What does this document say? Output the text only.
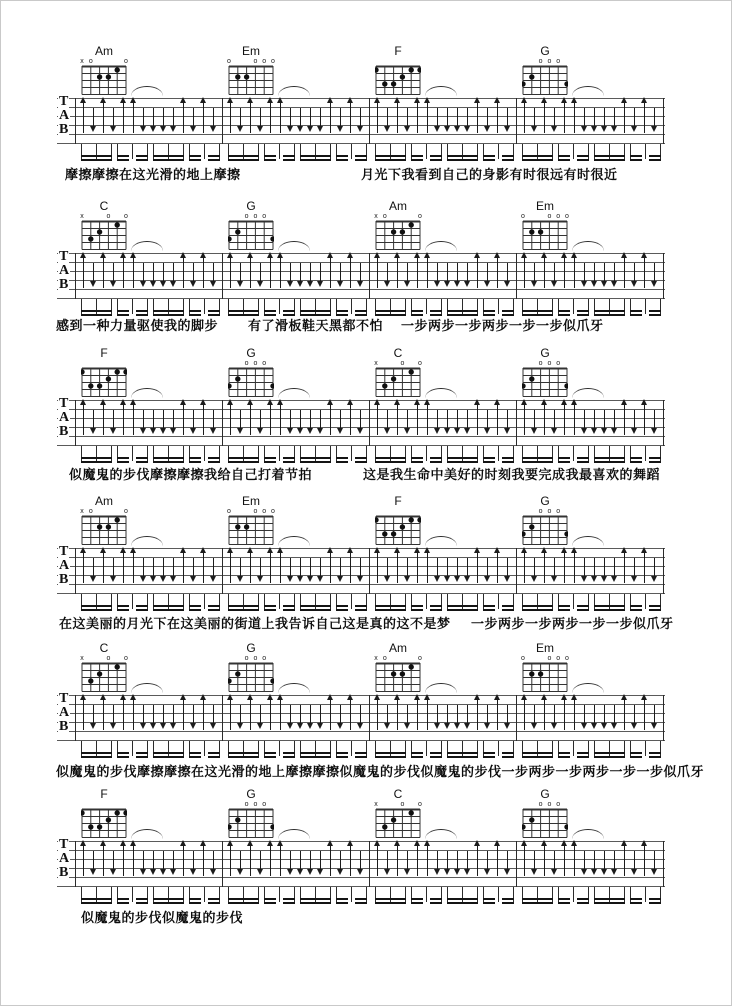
Am
x o	o
Em
o	o o o
F	G
o o o
T
A
B
摩擦摩擦在这光滑的地上摩擦	月光下我看到自己的身影有时很远有时很近
C
x	o o
G
o o o
Am
x o	o
Em
o	o o o
T
A
B
感到一种力量驱使我的脚步 有了滑板鞋天黑都不怕 一步两步一步两步一步一步似爪牙
F	G
o o o
C
x	o o
G
o o o
T
A
B
似魔鬼的步伐摩擦摩擦我给自己打着节拍	这是我生命中美好的时刻我要完成我最喜欢的舞蹈
Am
x o	o
Em
o	o o o
F	G
o o o
T
A
B
在这美丽的月光下在这美丽的街道上我告诉自己这是真的这不是梦 一步两步一步两步一步一步似爪牙
C
x	o o
G
o o o
Am
x o	o
Em
o	o o o
T
A
B
似魔鬼的步伐摩擦摩擦在这光滑的地上摩擦摩擦似魔鬼的步伐似魔鬼的步伐一步两步一步两步一步一步似爪牙
F	G
o o o
C
x	o o
G
o o o
T
A
B
似魔鬼的步伐似魔鬼的步伐
